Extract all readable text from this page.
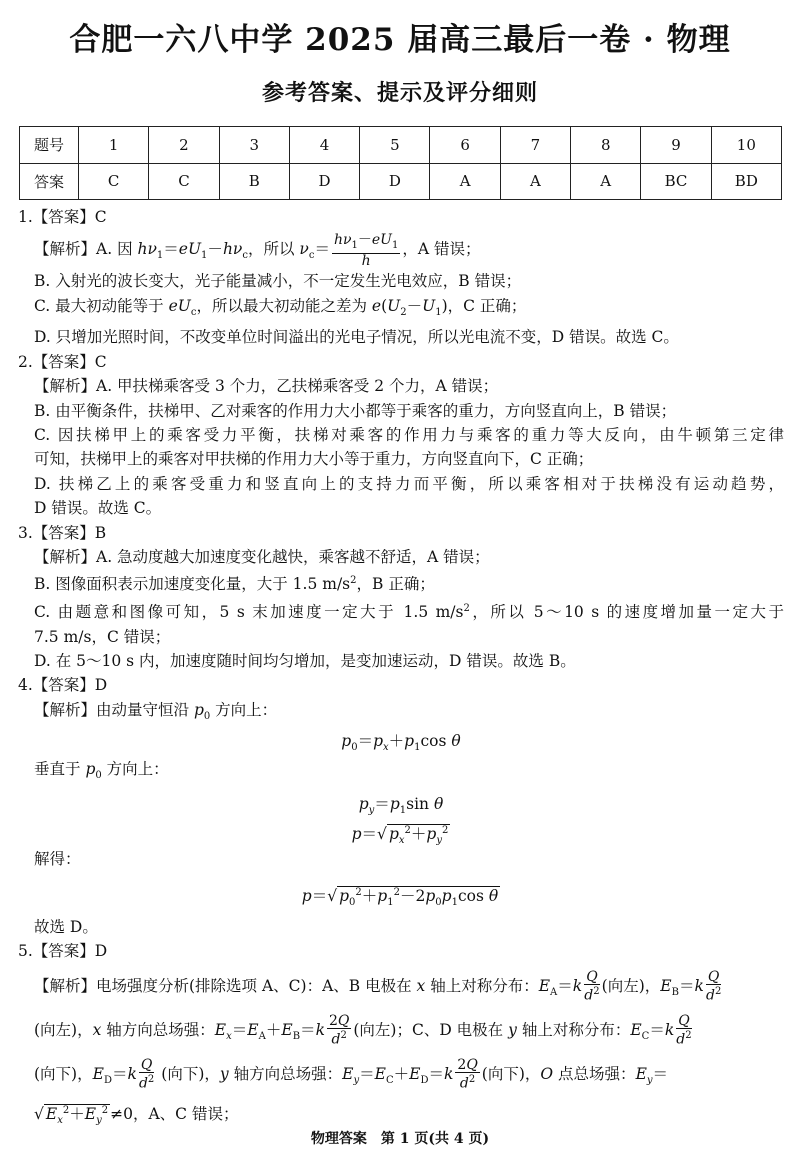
合肥一六八中学 2025 届高三最后一卷 · 物理
参考答案、提示及评分细则
题号	1	2	3	4	5	6	7	8	9	10
答案	C	C	B	D	D	A	A	A	BC	BD
1.【答案】C
【解析】A. 因 $h\nu_1=eU_1-h\nu_c$，所以 $\nu_c= \frac{h\nu_1-eU_1}{h}$ ，A 错误；
B. 入射光的波长变大，光子能量减小，不一定发生光电效应，B 错误；
C. 最大初动能等于 $eU_c$，所以最大初动能之差为 $e(U_2-U_1)$，C 正确；
D. 只增加光照时间，不改变单位时间溢出的光电子情况，所以光电流不变，D 错误。故选 C。
2.【答案】C
【解析】A. 甲扶梯乘客受 3 个力，乙扶梯乘客受 2 个力，A 错误；
B. 由平衡条件，扶梯甲、乙对乘客的作用力大小都等于乘客的重力，方向竖直向上，B 错误；
C. 因扶梯甲上的乘客受力平衡，扶梯对乘客的作用力与乘客的重力等大反向，由牛顿第三定律
可知，扶梯甲上的乘客对甲扶梯的作用力大小等于重力，方向竖直向下，C 正确；
D. 扶梯乙上的乘客受重力和竖直向上的支持力而平衡，所以乘客相对于扶梯没有运动趋势，
D 错误。故选 C。
3.【答案】B
【解析】A. 急动度越大加速度变化越快，乘客越不舒适，A 错误；
B. 图像面积表示加速度变化量，大于 1.5 $m/s^2$，B 正确；
C. 由题意和图像可知，5 s 末加速度一定大于 1.5 $m/s^2$，所以 5～10 s 的速度增加量一定大于
7.5 m/s，C 错误；
D. 在 5～10 s 内，加速度随时间均匀增加，是变加速运动，D 错误。故选 B。
4.【答案】D
【解析】由动量守恒沿 $p_0$ 方向上：
$p_0=p_x+p_1\cos$ θ
垂直于 $p_0$ 方向上：
$p_y=p_1\sin$ θ
p＝√ $p_x^2+p_y^2$
解得：
p＝√ $p_0^2+p_1^2-2p_0p_1\cos$ θ
故选 D。
5.【答案】D
【解析】电场强度分析(排除选项 A、C)：A、B 电极在 x 轴上对称分布：$E_A=k \frac{Q}{d^2}$ (向左)，$E_B=k \frac{Q}{d^2}$
(向左)，x 轴方向总场强：$E_x=E_A+E_B=k \frac{2Q}{d^2}$ (向左)；C、D 电极在 y 轴上对称分布：$E_C=k \frac{Q}{d^2}$
(向下)，$E_D=k \frac{Q}{d^2}$ (向下)，y 轴方向总场强：$E_y=E_C+E_D=k \frac{2Q}{d^2}$ (向下)，O 点总场强：$E_y=$
√ $E_x^2+E_y^2 \ne 0$，A、C 错误；
物理答案　第 1 页(共 4 页)
